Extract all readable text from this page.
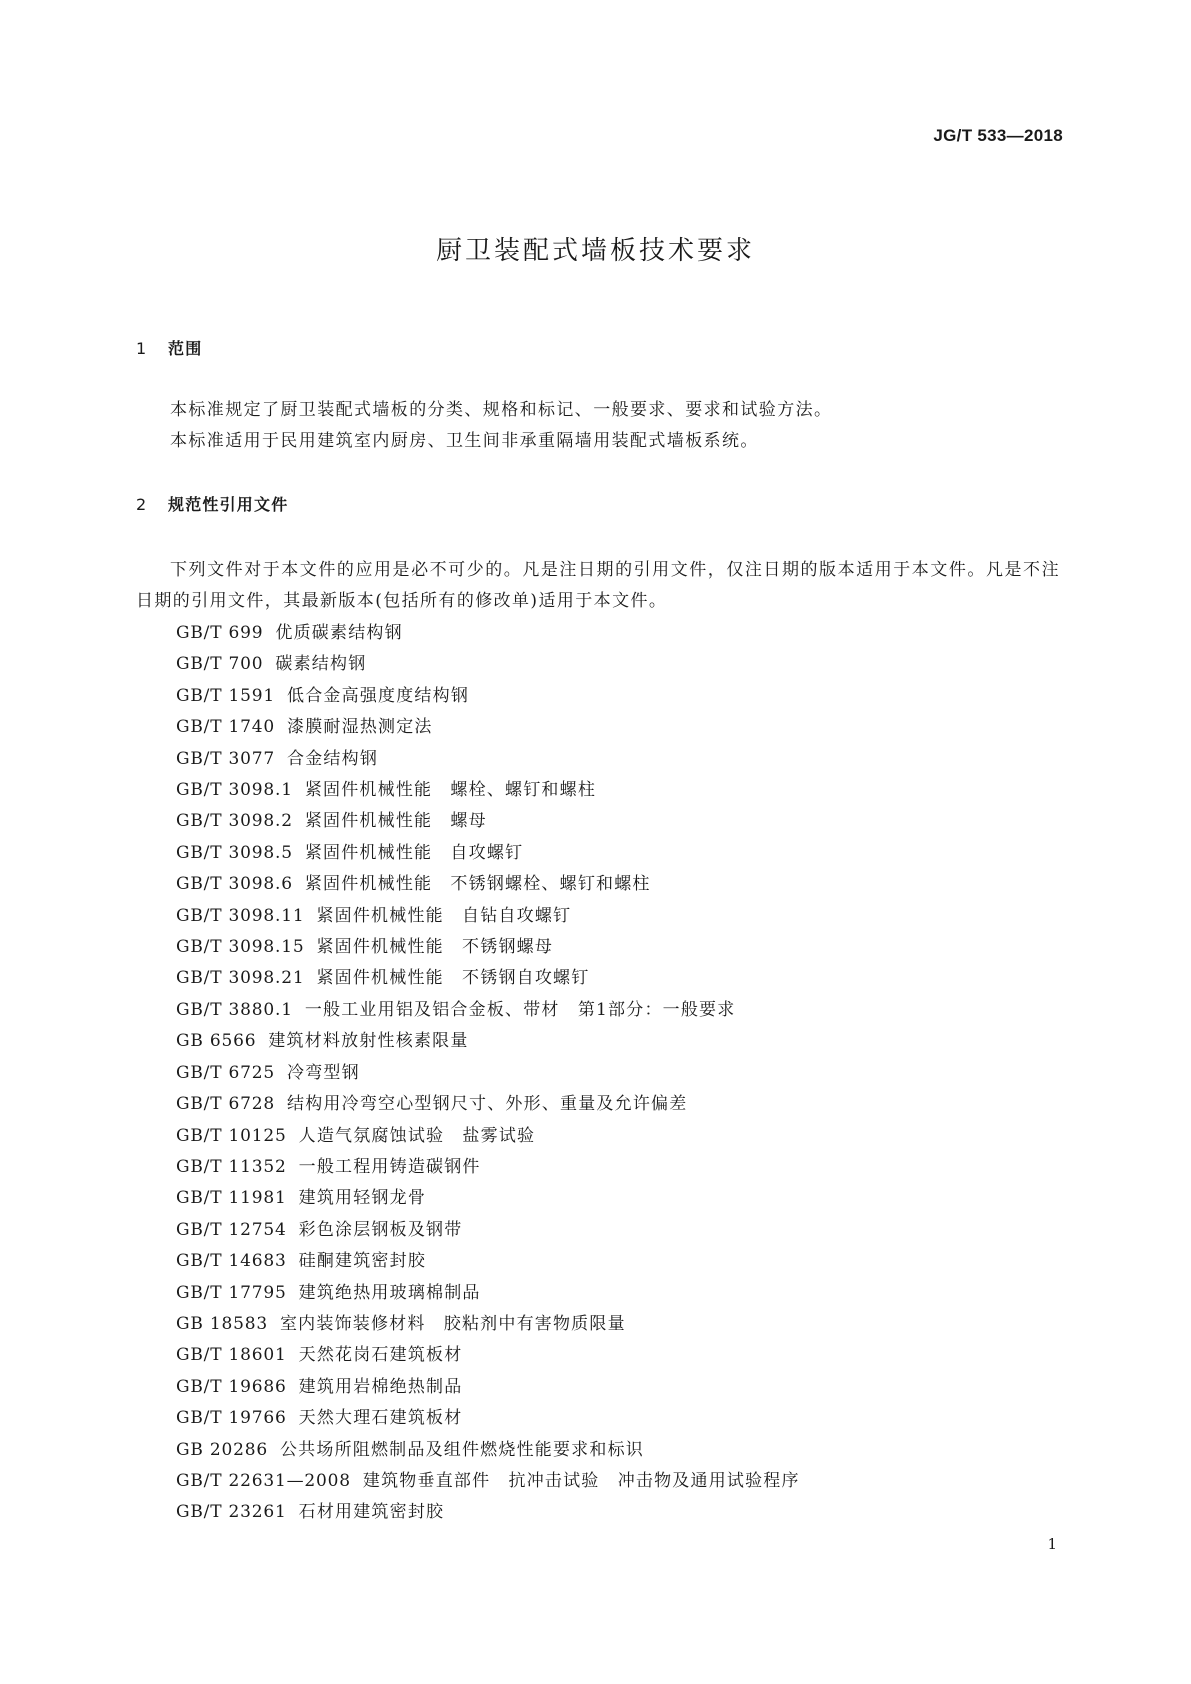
JG/T 533—2018

厨卫装配式墙板技术要求
1 范围

本标准规定了厨卫装配式墙板的分类、规格和标记、一般要求、要求和试验方法。

本标准适用于民用建筑室内厨房、卫生间非承重隔墙用装配式墙板系统。

2 规范性引用文件

下列文件对于本文件的应用是必不可少的。凡是注日期的引用文件，仅注日期的版本适用于本文件。凡是不注日期的引用文件，其最新版本(包括所有的修改单)适用于本文件。

GB/T 699 优质碳素结构钢
GB/T 700 碳素结构钢
GB/T 1591 低合金高强度度结构钢
GB/T 1740 漆膜耐湿热测定法
GB/T 3077 合金结构钢
GB/T 3098.1 紧固件机械性能　螺栓、螺钉和螺柱
GB/T 3098.2 紧固件机械性能　螺母
GB/T 3098.5 紧固件机械性能　自攻螺钉
GB/T 3098.6 紧固件机械性能　不锈钢螺栓、螺钉和螺柱
GB/T 3098.11 紧固件机械性能　自钻自攻螺钉
GB/T 3098.15 紧固件机械性能　不锈钢螺母
GB/T 3098.21 紧固件机械性能　不锈钢自攻螺钉
GB/T 3880.1 一般工业用铝及铝合金板、带材　第1部分：一般要求
GB 6566 建筑材料放射性核素限量
GB/T 6725 冷弯型钢
GB/T 6728 结构用冷弯空心型钢尺寸、外形、重量及允许偏差
GB/T 10125 人造气氛腐蚀试验　盐雾试验
GB/T 11352 一般工程用铸造碳钢件
GB/T 11981 建筑用轻钢龙骨
GB/T 12754 彩色涂层钢板及钢带
GB/T 14683 硅酮建筑密封胶
GB/T 17795 建筑绝热用玻璃棉制品
GB 18583 室内装饰装修材料　胶粘剂中有害物质限量
GB/T 18601 天然花岗石建筑板材
GB/T 19686 建筑用岩棉绝热制品
GB/T 19766 天然大理石建筑板材
GB 20286 公共场所阻燃制品及组件燃烧性能要求和标识
GB/T 22631—2008 建筑物垂直部件　抗冲击试验　冲击物及通用试验程序
GB/T 23261 石材用建筑密封胶

1
